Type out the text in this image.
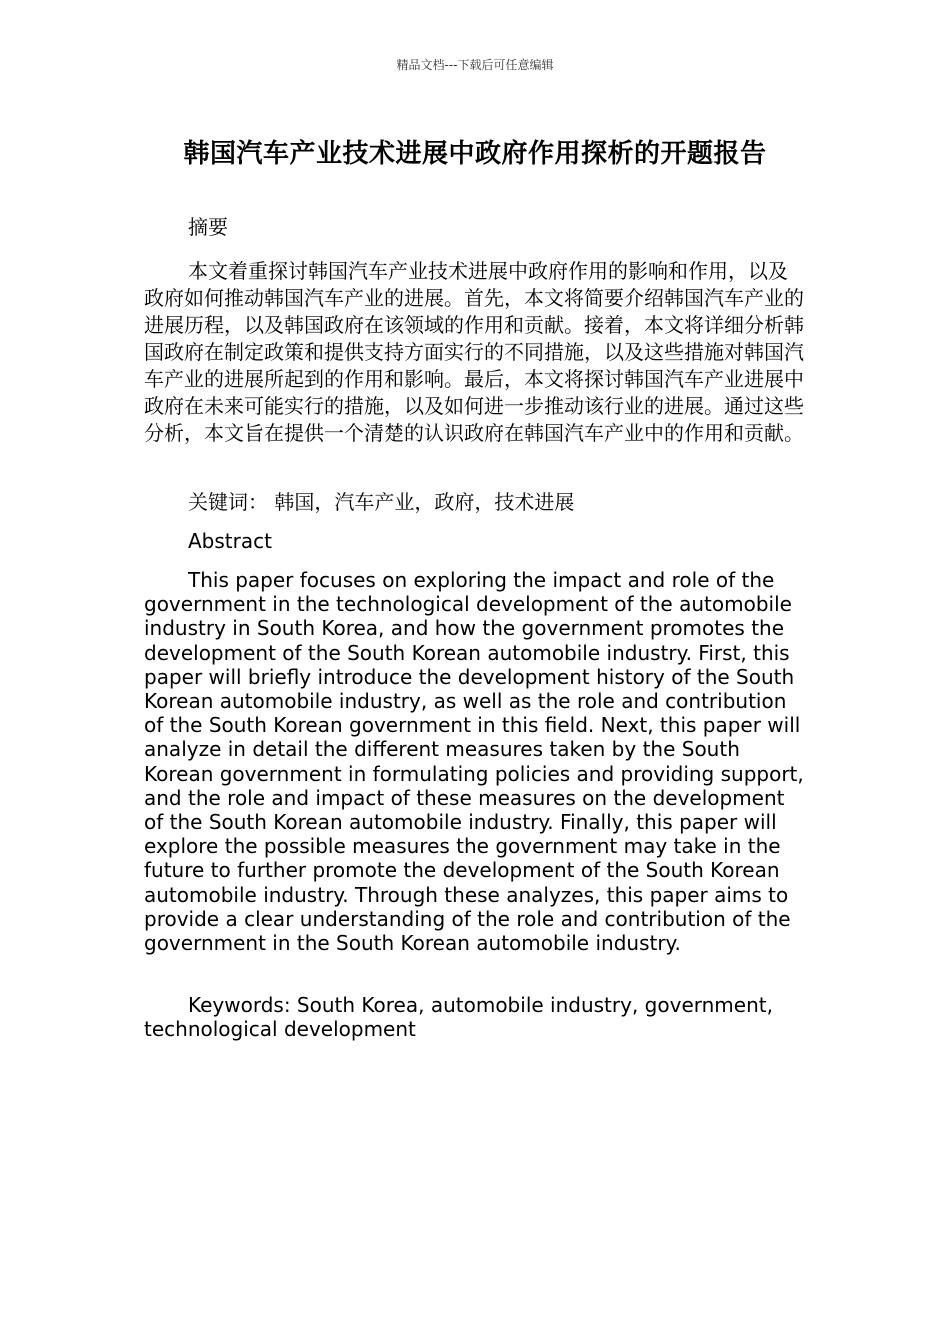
精品文档---下载后可任意编辑
韩国汽车产业技术进展中政府作用探析的开题报告

摘要

本文着重探讨韩国汽车产业技术进展中政府作用的影响和作用，以及政府如何推动韩国汽车产业的进展。首先，本文将简要介绍韩国汽车产业的进展历程，以及韩国政府在该领域的作用和贡献。接着，本文将详细分析韩国政府在制定政策和提供支持方面实行的不同措施，以及这些措施对韩国汽车产业的进展所起到的作用和影响。最后，本文将探讨韩国汽车产业进展中政府在未来可能实行的措施，以及如何进一步推动该行业的进展。通过这些分析，本文旨在提供一个清楚的认识政府在韩国汽车产业中的作用和贡献。

关键词： 韩国，汽车产业，政府，技术进展

Abstract

This paper focuses on exploring the impact and role of the government in the technological development of the automobile industry in South Korea, and how the government promotes the development of the South Korean automobile industry. First, this paper will briefly introduce the development history of the South Korean automobile industry, as well as the role and contribution of the South Korean government in this field. Next, this paper will analyze in detail the different measures taken by the South Korean government in formulating policies and providing support, and the role and impact of these measures on the development of the South Korean automobile industry. Finally, this paper will explore the possible measures the government may take in the future to further promote the development of the South Korean automobile industry. Through these analyzes, this paper aims to provide a clear understanding of the role and contribution of the government in the South Korean automobile industry.

Keywords: South Korea, automobile industry, government, technological development
